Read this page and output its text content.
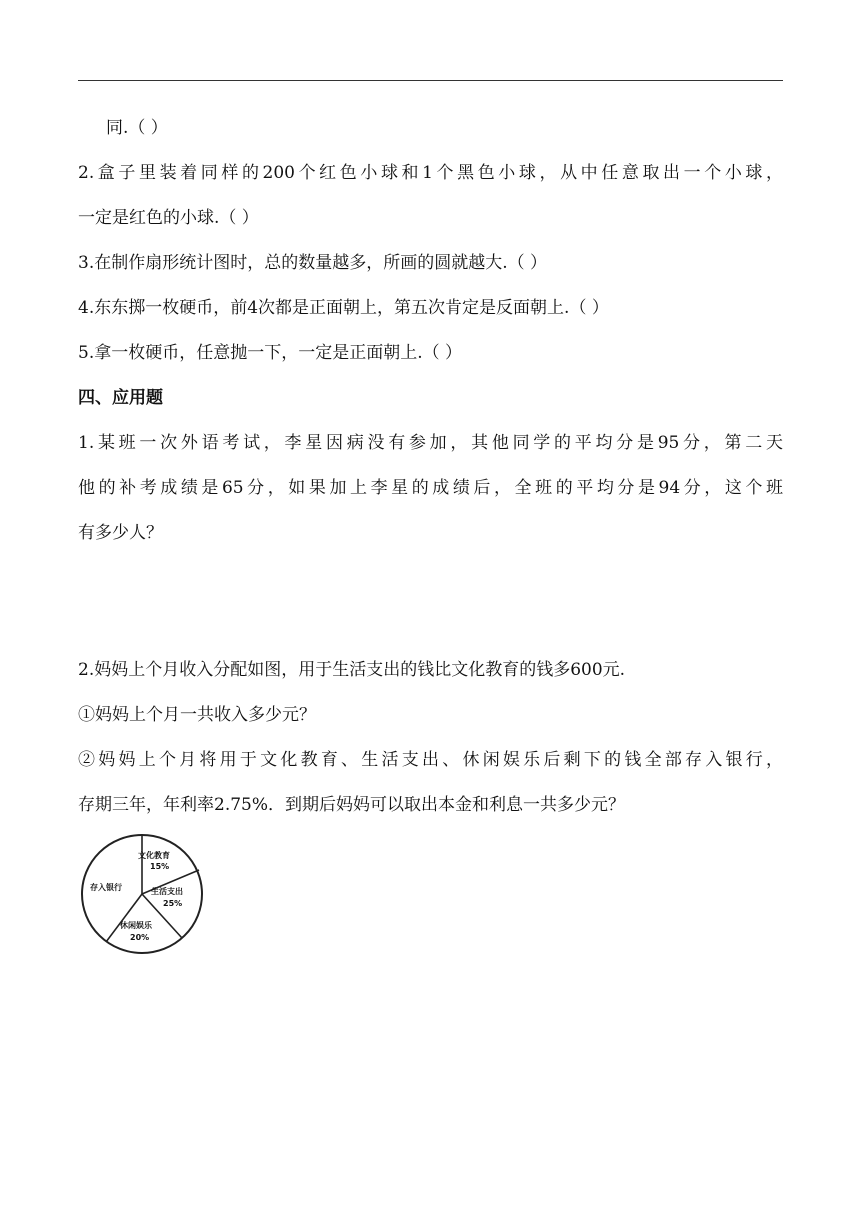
同.（ ）
2.盒子里装着同样的200个红色小球和1个黑色小球，从中任意取出一个小球，
一定是红色的小球.（ ）
3.在制作扇形统计图时，总的数量越多，所画的圆就越大.（ ）
4.东东掷一枚硬币，前4次都是正面朝上，第五次肯定是反面朝上.（ ）
5.拿一枚硬币，任意抛一下，一定是正面朝上.（ ）
四、应用题
1.某班一次外语考试，李星因病没有参加，其他同学的平均分是95分，第二天
他的补考成绩是65分，如果加上李星的成绩后，全班的平均分是94分，这个班
有多少人？
2.妈妈上个月收入分配如图，用于生活支出的钱比文化教育的钱多600元.
①妈妈上个月一共收入多少元？
②妈妈上个月将用于文化教育、生活支出、休闲娱乐后剩下的钱全部存入银行，
存期三年，年利率2.75%．到期后妈妈可以取出本金和利息一共多少元？
文化教育
15%
生活支出
25%
休闲娱乐
20%
存入银行
